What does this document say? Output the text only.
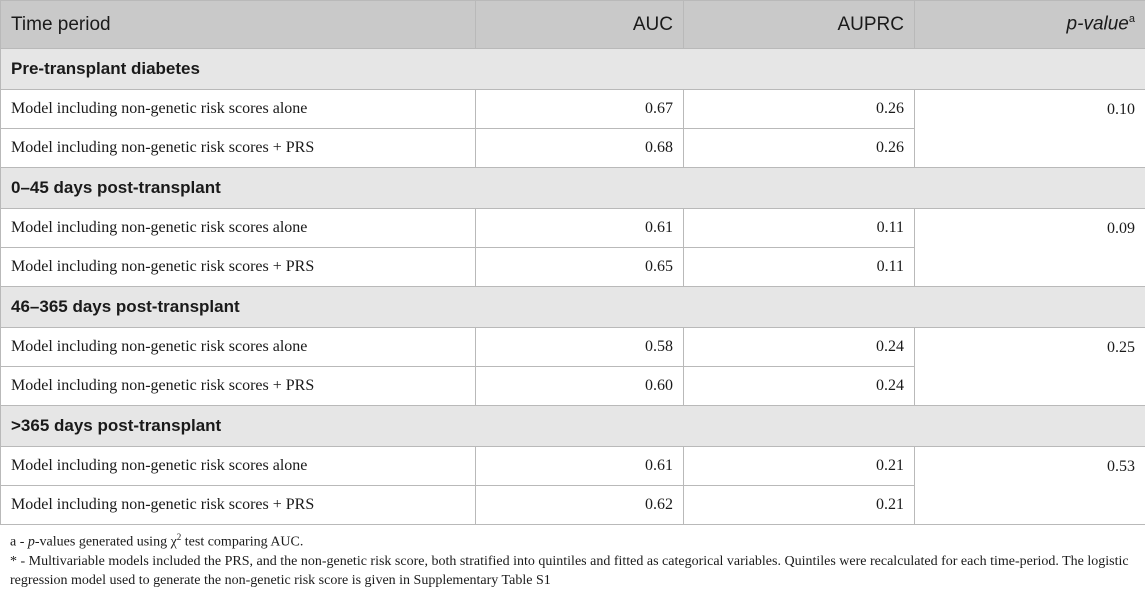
Time period	AUC	AUPRC	p-value$^a$
Pre-transplant diabetes			
Model including non-genetic risk scores alone	0.67	0.26	0.10
Model including non-genetic risk scores + PRS	0.68	0.26	
0–45 days post-transplant			
Model including non-genetic risk scores alone	0.61	0.11	0.09
Model including non-genetic risk scores + PRS	0.65	0.11	
46–365 days post-transplant			
Model including non-genetic risk scores alone	0.58	0.24	0.25
Model including non-genetic risk scores + PRS	0.60	0.24	
>365 days post-transplant			
Model including non-genetic risk scores alone	0.61	0.21	0.53
Model including non-genetic risk scores + PRS	0.62	0.21	

a - p-values generated using $\chi^2$ test comparing AUC.

* - Multivariable models included the PRS, and the non-genetic risk score, both stratified into quintiles and fitted as categorical variables. Quintiles were recalculated for each time-period. The logistic regression model used to generate the non-genetic risk score is given in Supplementary Table S1
